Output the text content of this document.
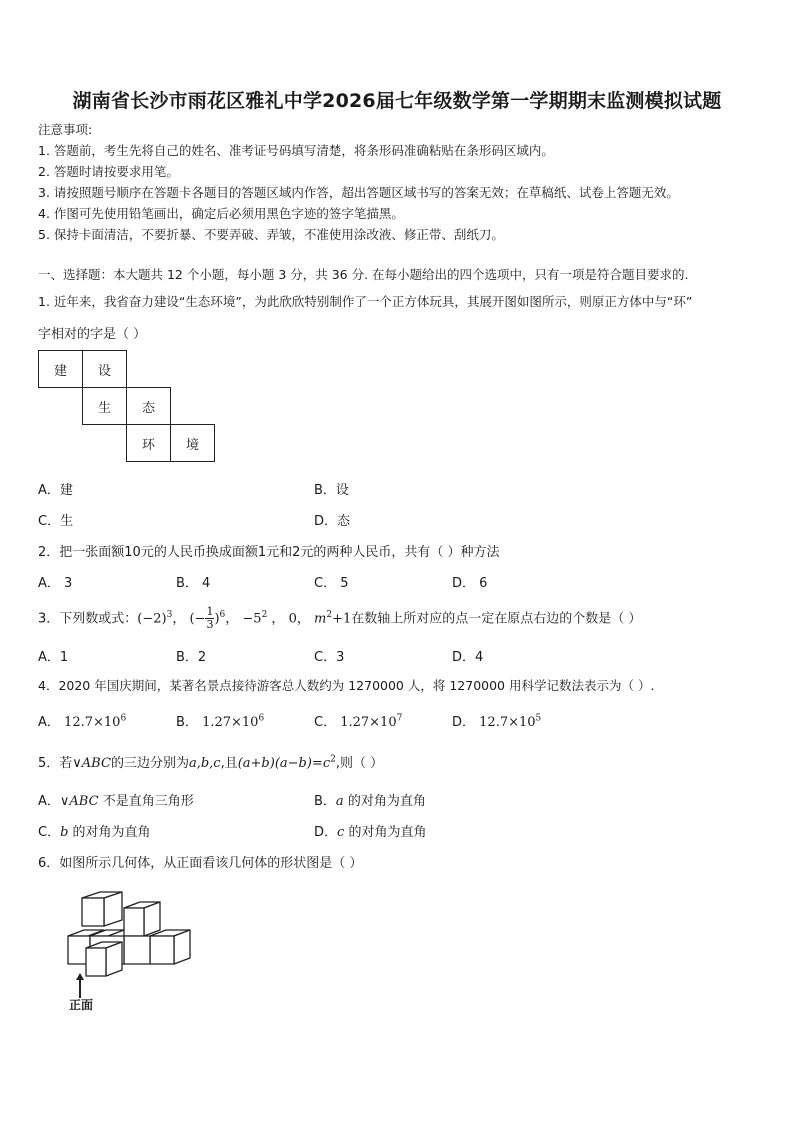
湖南省长沙市雨花区雅礼中学2026届七年级数学第一学期期末监测模拟试题
注意事项:
1. 答题前，考生先将自己的姓名、准考证号码填写清楚，将条形码准确粘贴在条形码区域内。
2. 答题时请按要求用笔。
3. 请按照题号顺序在答题卡各题目的答题区域内作答，超出答题区域书写的答案无效；在草稿纸、试卷上答题无效。
4. 作图可先使用铅笔画出，确定后必须用黑色字迹的签字笔描黑。
5. 保持卡面清洁，不要折暴、不要弄破、弄皱，不准使用涂改液、修正带、刮纸刀。
一、选择题：本大题共 12 个小题，每小题 3 分，共 36 分. 在每小题给出的四个选项中，只有一项是符合题目要求的.
1. 近年来，我省奋力建设“生态环境”，为此欣欣特别制作了一个正方体玩具，其展开图如图所示，则原正方体中与“环”
字相对的字是（ ）
建	设		
	生	态	
		环	境
A．建	B．设
C．生	D．态
2．把一张面额10元的人民币换成面额1元和2元的两种人民币，共有（ ）种方法
A． 3	B． 4	C． 5	D． 6
3．下列数或式：$(-2)^3$， (− $\frac{1}{3} )^6$， $-5^2$ ， 0， $m^2+1$在数轴上所对应的点一定在原点右边的个数是（ ）
A．1	B．2	C．3	D．4
4．2020 年国庆期间，某著名景点接待游客总人数约为 1270000 人，将 1270000 用科学记数法表示为（ ）.
A． $12.7\times 10^6$	B． $1.27\times 10^6$	C． $1.27\times 10^7$	D． $12.7\times 10^5$
5．若∨ABC的三边分别为a,b,c,且$(a+b)(a-b)=c^2$,则（ ）
A．∨ABC 不是直角三角形	B．a 的对角为直角
C．b 的对角为直角	D．c 的对角为直角
6．如图所示几何体，从正面看该几何体的形状图是（ ）
正面
